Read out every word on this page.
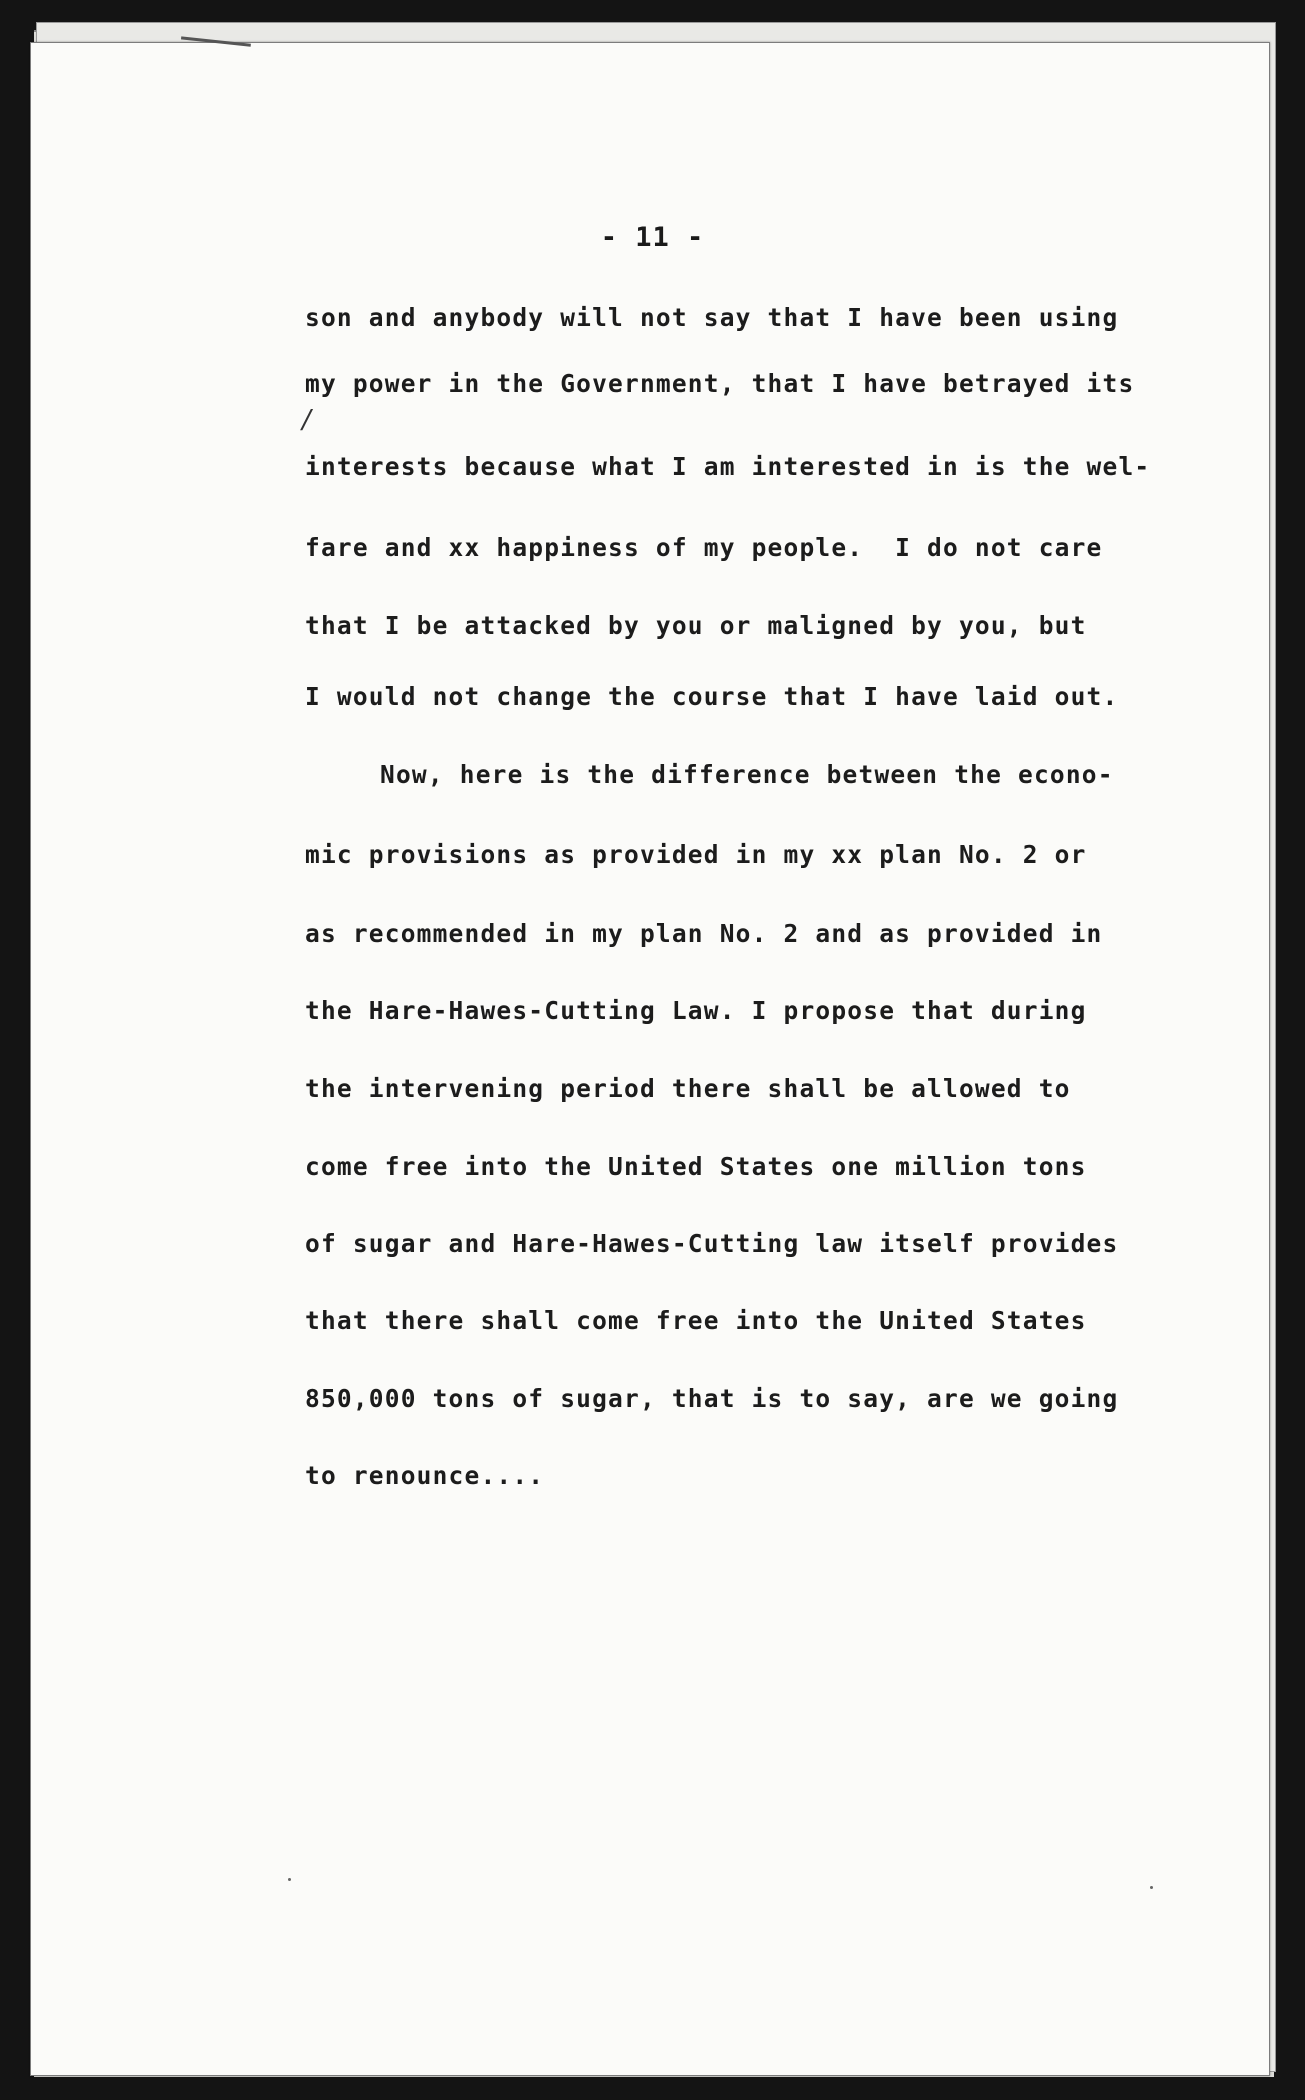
- 11 -
son and anybody will not say that I have been using
my power in the Government, that I have betrayed its
/
interests because what I am interested in is the wel-
fare and xx happiness of my people.  I do not care
that I be attacked by you or maligned by you, but
I would not change the course that I have laid out.
Now, here is the difference between the econo-
mic provisions as provided in my xx plan No. 2 or
as recommended in my plan No. 2 and as provided in
the Hare-Hawes-Cutting Law. I propose that during
the intervening period there shall be allowed to
come free into the United States one million tons
of sugar and Hare-Hawes-Cutting law itself provides
that there shall come free into the United States
850,000 tons of sugar, that is to say, are we going
to renounce....
